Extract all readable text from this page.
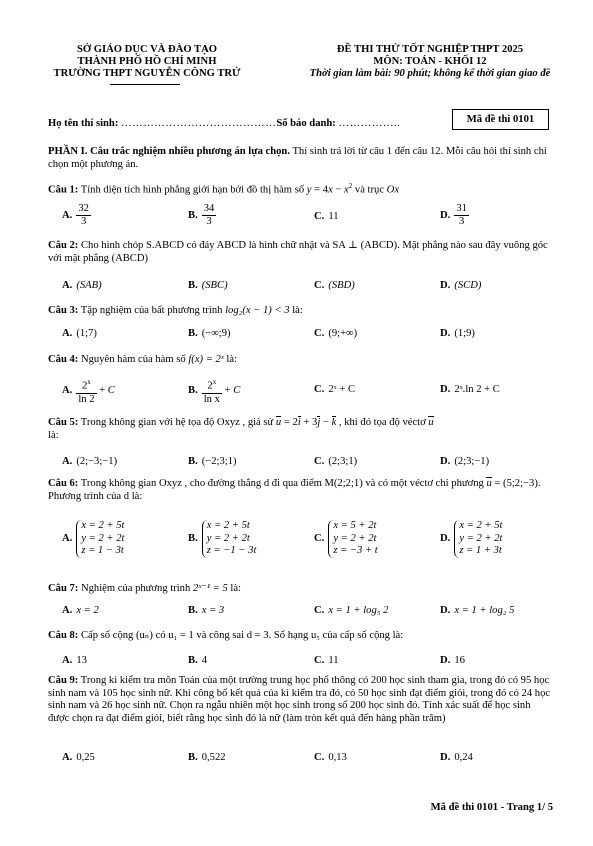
SỞ GIÁO DỤC VÀ ĐÀO TẠO
THÀNH PHỐ HỒ CHÍ MINH
TRƯỜNG THPT NGUYỄN CÔNG TRỨ
ĐỀ THI THỬ TỐT NGHIỆP THPT 2025
MÔN: TOÁN - KHỐI 12
Thời gian làm bài: 90 phút; không kể thời gian giao đề
Họ tên thí sinh: ……………………………………Số báo danh: ……………..	Mã đề thi 0101
PHẦN I. Câu trắc nghiệm nhiều phương án lựa chọn. Thí sinh trả lời từ câu 1 đến câu 12. Mỗi câu hỏi thí sinh chỉ chọn một phương án.
Câu 1: Tính diện tích hình phẳng giới hạn bởi đồ thị hàm số $y = 4x - x^2$ và trục Ox
A. $\frac{32}{3}$	B. $\frac{34}{3}$	C. 11	D. $\frac{31}{3}$
Câu 2: Cho hình chóp S.ABCD có đáy ABCD là hình chữ nhật và SA ⊥ (ABCD). Mặt phẳng nào sau đây vuông góc với mặt phẳng (ABCD)
A. (SAB)	B. (SBC)	C. (SBD)	D. (SCD)
Câu 3: Tập nghiệm của bất phương trình log₂(x − 1) < 3 là:
A. (1;7)	B. (−∞;9)	C. (9;+∞)	D. (1;9)
Câu 4: Nguyên hàm của hàm số f(x) = 2ˣ là:
A. $\frac{2^x}{\ln 2} + C$	B. $\frac{2^x}{\text{ln x}} + C$	C. 2ˣ + C	D. 2ˣ.ln 2 + C
Câu 5: Trong không gian với hệ tọa độ Oxyz , giả sử u = 2i + 3j − k , khi đó tọa độ véctơ u
là:
A. (2;−3;−1)	B. (−2;3;1)	C. (2;3;1)	D. (2;3;−1)
Câu 6: Trong không gian Oxyz , cho đường thẳng d đi qua điểm M(2;2;1) và có một véctơ chỉ phương u = (5;2;−3). Phương trình của d là:
A.x = 2 + 5t
y = 2 + 2t
z = 1 − 3t
B.x = 2 + 5t
y = 2 + 2t
z = −1 − 3t
C.x = 5 + 2t
y = 2 + 2t
z = −3 + t
D.x = 2 + 5t
y = 2 + 2t
z = 1 + 3t
Câu 7: Nghiệm của phương trình 2ˣ⁻¹ = 5 là:
A. x = 2	B. x = 3	C. x = 1 + log₅ 2	D. x = 1 + log₂ 5
Câu 8: Cấp số cộng (uₙ) có u₁ = 1 và công sai d = 3. Số hạng u₅ của cấp số cộng là:
A. 13	B. 4	C. 11	D. 16
Câu 9: Trong kì kiểm tra môn Toán của một trường trung học phổ thông có 200 học sinh tham gia, trong đó có 95 học sinh nam và 105 học sinh nữ. Khi công bố kết quả của kì kiểm tra đó, có 50 học sinh đạt điểm giỏi, trong đó có 24 học sinh nam và 26 học sinh nữ. Chọn ra ngẫu nhiên một học sinh trong số 200 học sinh đó. Tính xác suất để học sinh được chọn ra đạt điểm giỏi, biết rằng học sinh đó là nữ (làm tròn kết quả đến hàng phần trăm)
A. 0,25	B. 0,522	C. 0,13	D. 0,24
Mã đề thi 0101 - Trang 1/ 5
